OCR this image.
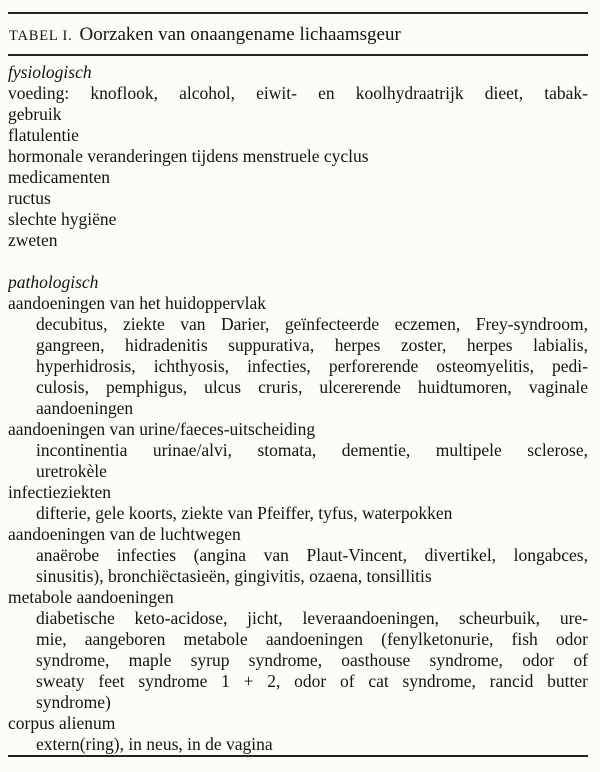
TABEL I. Oorzaken van onaangename lichaamsgeur
fysiologisch
voeding: knoflook, alcohol, eiwit- en koolhydraatrijk dieet, tabak-
gebruik
flatulentie
hormonale veranderingen tijdens menstruele cyclus
medicamenten
ructus
slechte hygiëne
zweten
pathologisch
aandoeningen van het huidoppervlak
decubitus, ziekte van Darier, geïnfecteerde eczemen, Frey-syndroom,
gangreen, hidradenitis suppurativa, herpes zoster, herpes labialis,
hyperhidrosis, ichthyosis, infecties, perforerende osteomyelitis, pedi-
culosis, pemphigus, ulcus cruris, ulcererende huidtumoren, vaginale
aandoeningen
aandoeningen van urine/faeces-uitscheiding
incontinentia urinae/alvi, stomata, dementie, multipele sclerose,
uretrokèle
infectieziekten
difterie, gele koorts, ziekte van Pfeiffer, tyfus, waterpokken
aandoeningen van de luchtwegen
anaërobe infecties (angina van Plaut-Vincent, divertikel, longabces,
sinusitis), bronchiëctasieën, gingivitis, ozaena, tonsillitis
metabole aandoeningen
diabetische keto-acidose, jicht, leveraandoeningen, scheurbuik, ure-
mie, aangeboren metabole aandoeningen (fenylketonurie, fish odor
syndrome, maple syrup syndrome, oasthouse syndrome, odor of
sweaty feet syndrome 1 + 2, odor of cat syndrome, rancid butter
syndrome)
corpus alienum
extern(ring), in neus, in de vagina
